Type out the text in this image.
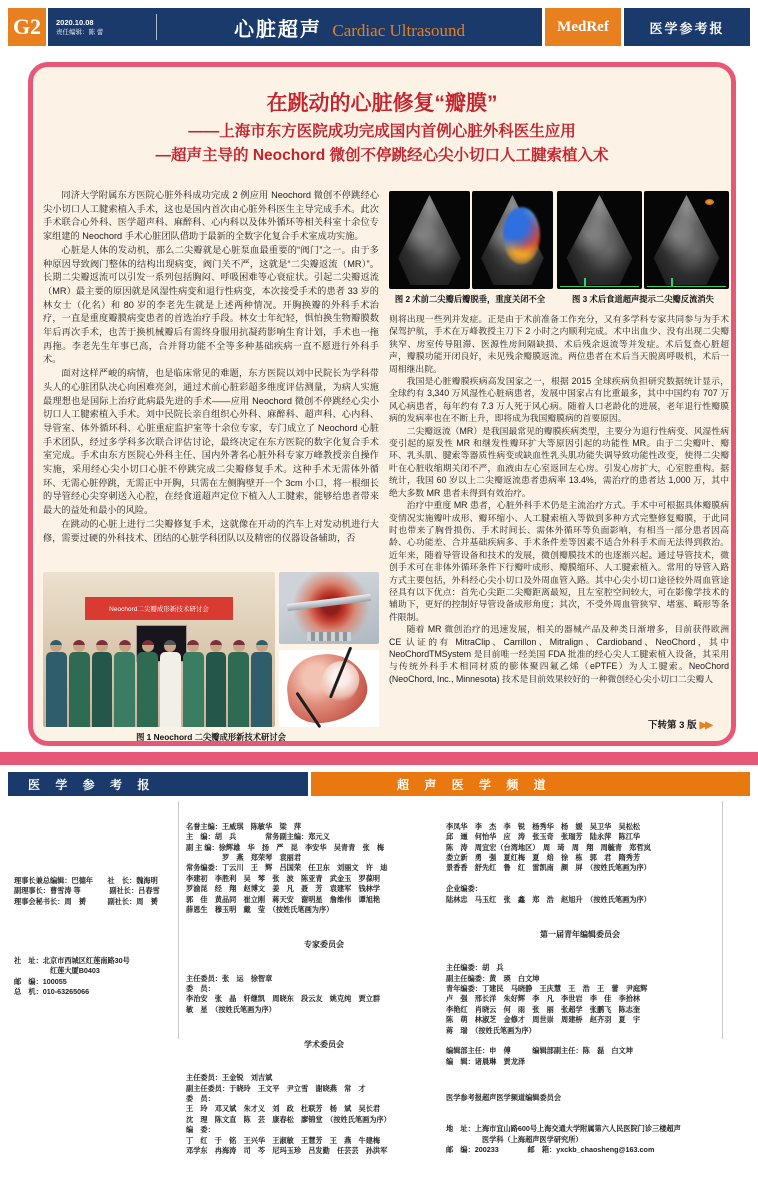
G2	2020.10.08
责任编辑：陈 蕾	心脏超声 Cardiac Ultrasound	MedRef	医学参考报
在跳动的心脏修复“瓣膜”
——上海市东方医院成功完成国内首例心脏外科医生应用
—超声主导的 Neochord 微创不停跳经心尖小切口人工腱索植入术

同济大学附属东方医院心脏外科成功完成 2 例应用 Neochord 微创不停跳经心尖小切口人工腱索植入手术，这也是国内首次由心脏外科医生主导完成手术。此次手术联合心外科、医学超声科、麻醉科、心内科以及体外循环等相关科室十余位专家组建的 Neochord 手术心脏团队借助于最新的全数字化复合手术室成功实施。

心脏是人体的发动机，那么二尖瓣就是心脏泵血最重要的“阀门”之一。由于多种原因导致阀门整体的结构出现病变，阀门关不严，这就是“二尖瓣返流（MR）”。长期二尖瓣返流可以引发一系列包括胸闷、呼吸困难等心衰症状。引起二尖瓣返流（MR）最主要的原因就是风湿性病变和退行性病变，本次接受手术的患者 33 岁的林女士（化名）和 80 岁的李老先生就是上述两种情况。开胸换瓣的外科手术治疗，一直是重度瓣膜病变患者的首选治疗手段。林女士年纪轻，惧怕换生物瓣膜数年后再次手术，也苦于换机械瓣后有需终身服用抗凝药影响生育计划，手术也一拖再拖。李老先生年事已高，合并肾功能不全等多种基础疾病一直不愿进行外科手术。

面对这样严峻的病情，也是临床常见的难题，东方医院以刘中民院长为学科带头人的心脏团队决心向困难亮剑，通过术前心脏彩超多维度评估测量，为病人实施最理想也是国际上治疗此病最先进的手术——应用 Neochord 微创不停跳经心尖小切口人工腱索植入手术。刘中民院长亲自组织心外科、麻醉科、超声科、心内科、导管室、体外循环科、心脏重症监护室等十余位专家，专门成立了 Neochord 心脏手术团队，经过多学科多次联合评估讨论，最终决定在东方医院的数字化复合手术室完成。手术由东方医院心外科主任、国内外著名心脏外科专家万峰教授亲自操作实施，采用经心尖小切口心脏不停跳完成二尖瓣修复手术。这种手术无需体外循环、无需心脏停跳，无需正中开胸，只需在左侧胸壁开一个 3cm 小口，将一根细长的导管经心尖穿刺送入心腔，在经食道超声定位下植入人工腱索，能够给患者带来最大的益处和最小的风险。

在跳动的心脏上进行二尖瓣修复手术，这就像在开动的汽车上对发动机进行大修，需要过硬的外科技术、团结的心脏学科团队以及精密的仪器设备辅助，否

图 2 术前二尖瓣后瓣脱垂，重度关闭不全	图 3 术后食道超声提示二尖瓣反流消失

则将出现一些列并发症。正是由于术前准备工作充分，又有多学科专家共同参与为手术保驾护航，手术在万峰教授主刀下 2 小时之内顺利完成。术中出血少、没有出现二尖瓣狭窄、房室传导阻滞、医源性房间隔缺损、术后残余返流等并发症。术后复查心脏超声，瓣膜功能开闭良好，未见残余瓣膜返流。两位患者在术后当天脱离呼吸机，术后一周相继出院。

我国是心脏瓣膜疾病高发国家之一，根据 2015 全球疾病负担研究数据统计显示，全球约有 3,340 万风湿性心脏病患者，发展中国家占有比重最多，其中中国约有 707 万风心病患者，每年约有 7.3 万人死于风心病。随着人口老龄化的进展，老年退行性瓣膜病的发病率也在不断上升，即将成为我国瓣膜病的首要原因。

二尖瓣返流（MR）是我国最常见的瓣膜疾病类型，主要分为退行性病变、风湿性病变引起的原发性 MR 和继发性瓣环扩大等原因引起的功能性 MR。由于二尖瓣叶、瓣环、乳头肌、腱索等器质性病变或缺血性乳头肌功能失调导致功能性改变，使得二尖瓣叶在心脏收缩期关闭不严，血液由左心室返回左心房。引发心房扩大，心室腔重构。据统计，我国 60 岁以上二尖瓣返流患者患病率 13.4%，需治疗的患者达 1,000 万，其中绝大多数 MR 患者未得到有效治疗。

治疗中重度 MR 患者，心脏外科手术仍是主流治疗方式。手术中可根据具体瓣膜病变情况实施瓣叶成形、瓣环缩小、人工腱索植入等做到多种方式完整修复瓣膜，于此同时也带来了胸骨损伤、手术时间长、需体外循环等负面影响，有相当一部分患者因高龄、心功能差、合并基础疾病多、手术条件差等因素不适合外科手术而无法得到救治。近年来，随着导管设备和技术的发展，微创瓣膜技术的也逐渐兴起。通过导管技术，微创手术可在非体外循环条件下行瓣叶成形、瓣膜缩环、人工腱索植入。常用的导管入路方式主要包括，外科经心尖小切口及外周血管入路。其中心尖小切口途径较外周血管途径具有以下优点：首先心尖距二尖瓣距离最短，且左室腔空间较大，可在影像学技术的辅助下，更好的控制好导管设备成形角度；其次，不受外周血管狭窄、堵塞、畸形等条件限制。

随着 MR 微创治疗的迅速发展，相关的器械产品及种类日渐增多，目前获得欧洲 CE 认证的有 MitraClip、Carrillon、Mitralign、Cardioband、NeoChord，其中 NeoChordTMSystem 是目前唯一经美国 FDA 批准的经心尖人工腱索植入设备，其采用与传统外科手术相同材质的膨体聚四氟乙烯（ePTFE）为人工腱索。NeoChord (NeoChord, Inc., Minnesota) 技术是目前效果较好的一种微创经心尖小切口二尖瓣人

Neochord二尖瓣成形新技术研讨会
图 1 Neochord 二尖瓣成形新技术研讨会
下转第 3 版 ▶▶
医 学 参 考 报	超 声 医 学 频 道

理事长兼总编辑：巴德年　　社　长：魏海明
副理事长：曹雪涛 等　　　　副社长：吕春雪
理事会秘书长：周　赟　　　副社长：周　赟

社　址：北京市西城区红莲南路30号
　　　　　红莲大厦B0403
邮　编：100055
总　机：010-63265066

名誉主编：王威琪　陈敏华　梁　萍
主　编：胡　兵　　　　常务副主编：郑元义
副 主 编：徐辉雄　华　扬　严　昆　李安华　吴青青　张　梅
　　　　　罗　燕　郑荣琴　袁丽君
常务编委：丁云川　王　辉　吕国荣　任卫东　刘丽文　许　迪
李建初　李胜利　吴　棽　张　波　陈亚青　武金玉　罗葆明
罗渝昆　经　翔　赵博文　姜　凡　聂　芳　袁建军　钱林学
郭　佳　黄品同　崔立刚　蒋天安　谢明星　詹维伟　谭旭艳
薛恩生　穆玉明　戴　莹　（按姓氏笔画为序）

专家委员会

主任委员：张　运　徐智章
委　员：
李治安　张　晶　轩继凯　周晓东　段云友　姚克纯　贾立群
敏　星　（按姓氏笔画为序）

学术委员会

主任委员：王金锐　刘吉斌
副主任委员：于晓玲　王文平　尹立雪　谢晓燕　常　才
委　员：
王　玲　邓又斌　朱才义　刘　政　杜联芳　杨　斌　吴长君
沈　理　陈文直　陈　芸　康春松　廖锦堂　（按姓氏笔画为序）
编　委：
丁　红　于　铭　王兴华　王淑敏　王慧芳　王　燕　牛建梅
邓学东　冉海涛　司　芩　尼玛玉珍　吕发勤　任芸芸　孙洪军

李凤华　李　杰　李　锐　杨秀华　杨　媛　吴卫华　吴松松
邱　逦　何怡华　应　涛　张玉奇　张瑞芳　陆永萍　陈江华
陈　涛　周宜宏（台湾地区）　周　琦　周　翔　周毓青　郑哲岚
娄立新　勇　强　夏红梅　夏　焙　徐　栋　郭　君　隋秀芳
景香香　舒先红　鲁　红　雷凯南　颜　屏　（按姓氏笔画为序）

企业编委：
陆林忠　马玉红　张　鑫　郑　浩　赵旭升　（按姓氏笔画为序）

第一届青年编辑委员会

主任编委：胡　兵
副主任编委：黄　瑛　白文坤
青年编委：丁建民　马晓静　王庆慧　王　浩　王　蕾　尹庭辉
卢　强　邢长洋　朱好辉　李　凡　李世岩　李　佳　李拾林
李艳红　肖晓云　何　雨　张　丽　张超学　张鹏飞　陈志奎
陈　萌　林淑芝　金修才　周世崇　周建桥　赵齐羽　夏　宇
蒋　瑞　（按姓氏笔画为序）

编辑部主任：申　傅　　　编辑部副主任：陈　磊　白文坤
编　辑：诸晨琳　贾龙泽

医学参考报超声医学频道编辑委员会

地　址：上海市宜山路600号上海交通大学附属第六人民医院门诊三楼超声
　　　　　医学科（上海超声医学研究所）
邮　编：200233　　　　邮　箱：yxckb_chaosheng@163.com
